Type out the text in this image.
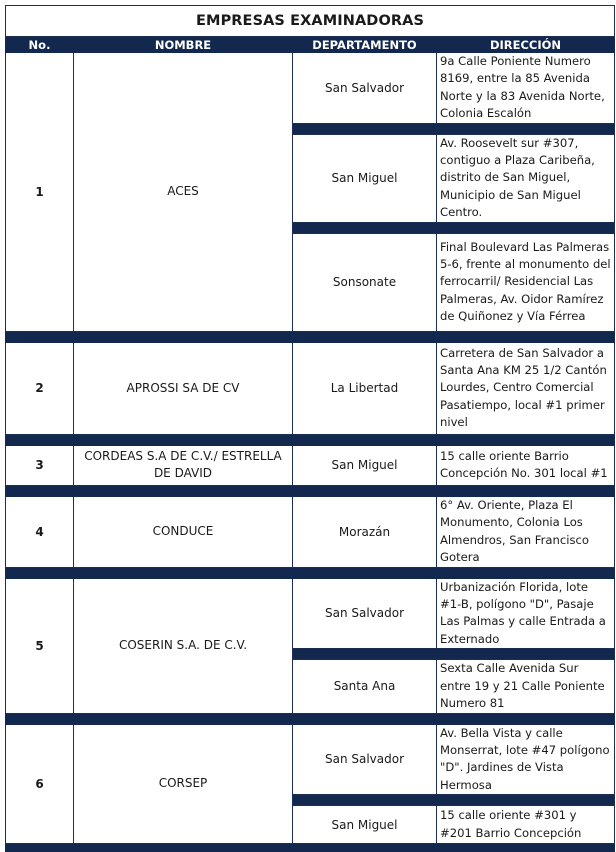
EMPRESAS EXAMINADORAS			
No.	NOMBRE	DEPARTAMENTO	DIRECCIÓN
1	ACES	San Salvador	9a Calle Poniente Numero 8169, entre la 85 Avenida Norte y la 83 Avenida Norte, Colonia Escalón

		San Miguel	Av. Roosevelt sur #307, contiguo a Plaza Caribeña, distrito de San Miguel, Municipio de San Miguel Centro.

		Sonsonate	Final Boulevard Las Palmeras 5-6, frente al monumento del ferrocarril/ Residencial Las Palmeras, Av. Oidor Ramírez de Quiñonez y Vía Férrea

2	APROSSI SA DE CV	La Libertad	Carretera de San Salvador a Santa Ana KM 25 1/2 Cantón Lourdes, Centro Comercial Pasatiempo, local #1 primer nivel

3	CORDEAS S.A DE C.V./ ESTRELLA DE DAVID	San Miguel	15 calle oriente Barrio Concepción No. 301 local #1

4	CONDUCE	Morazán	6° Av. Oriente, Plaza El Monumento, Colonia Los Almendros, San Francisco Gotera

5	COSERIN S.A. DE C.V.	San Salvador	Urbanización Florida, lote #1-B, polígono "D", Pasaje Las Palmas y calle Entrada a Externado

		Santa Ana	Sexta Calle Avenida Sur entre 19 y 21 Calle Poniente Numero 81

6	CORSEP	San Salvador	Av. Bella Vista y calle Monserrat, lote #47 polígono "D". Jardines de Vista Hermosa

		San Miguel	15 calle oriente #301 y #201 Barrio Concepción
